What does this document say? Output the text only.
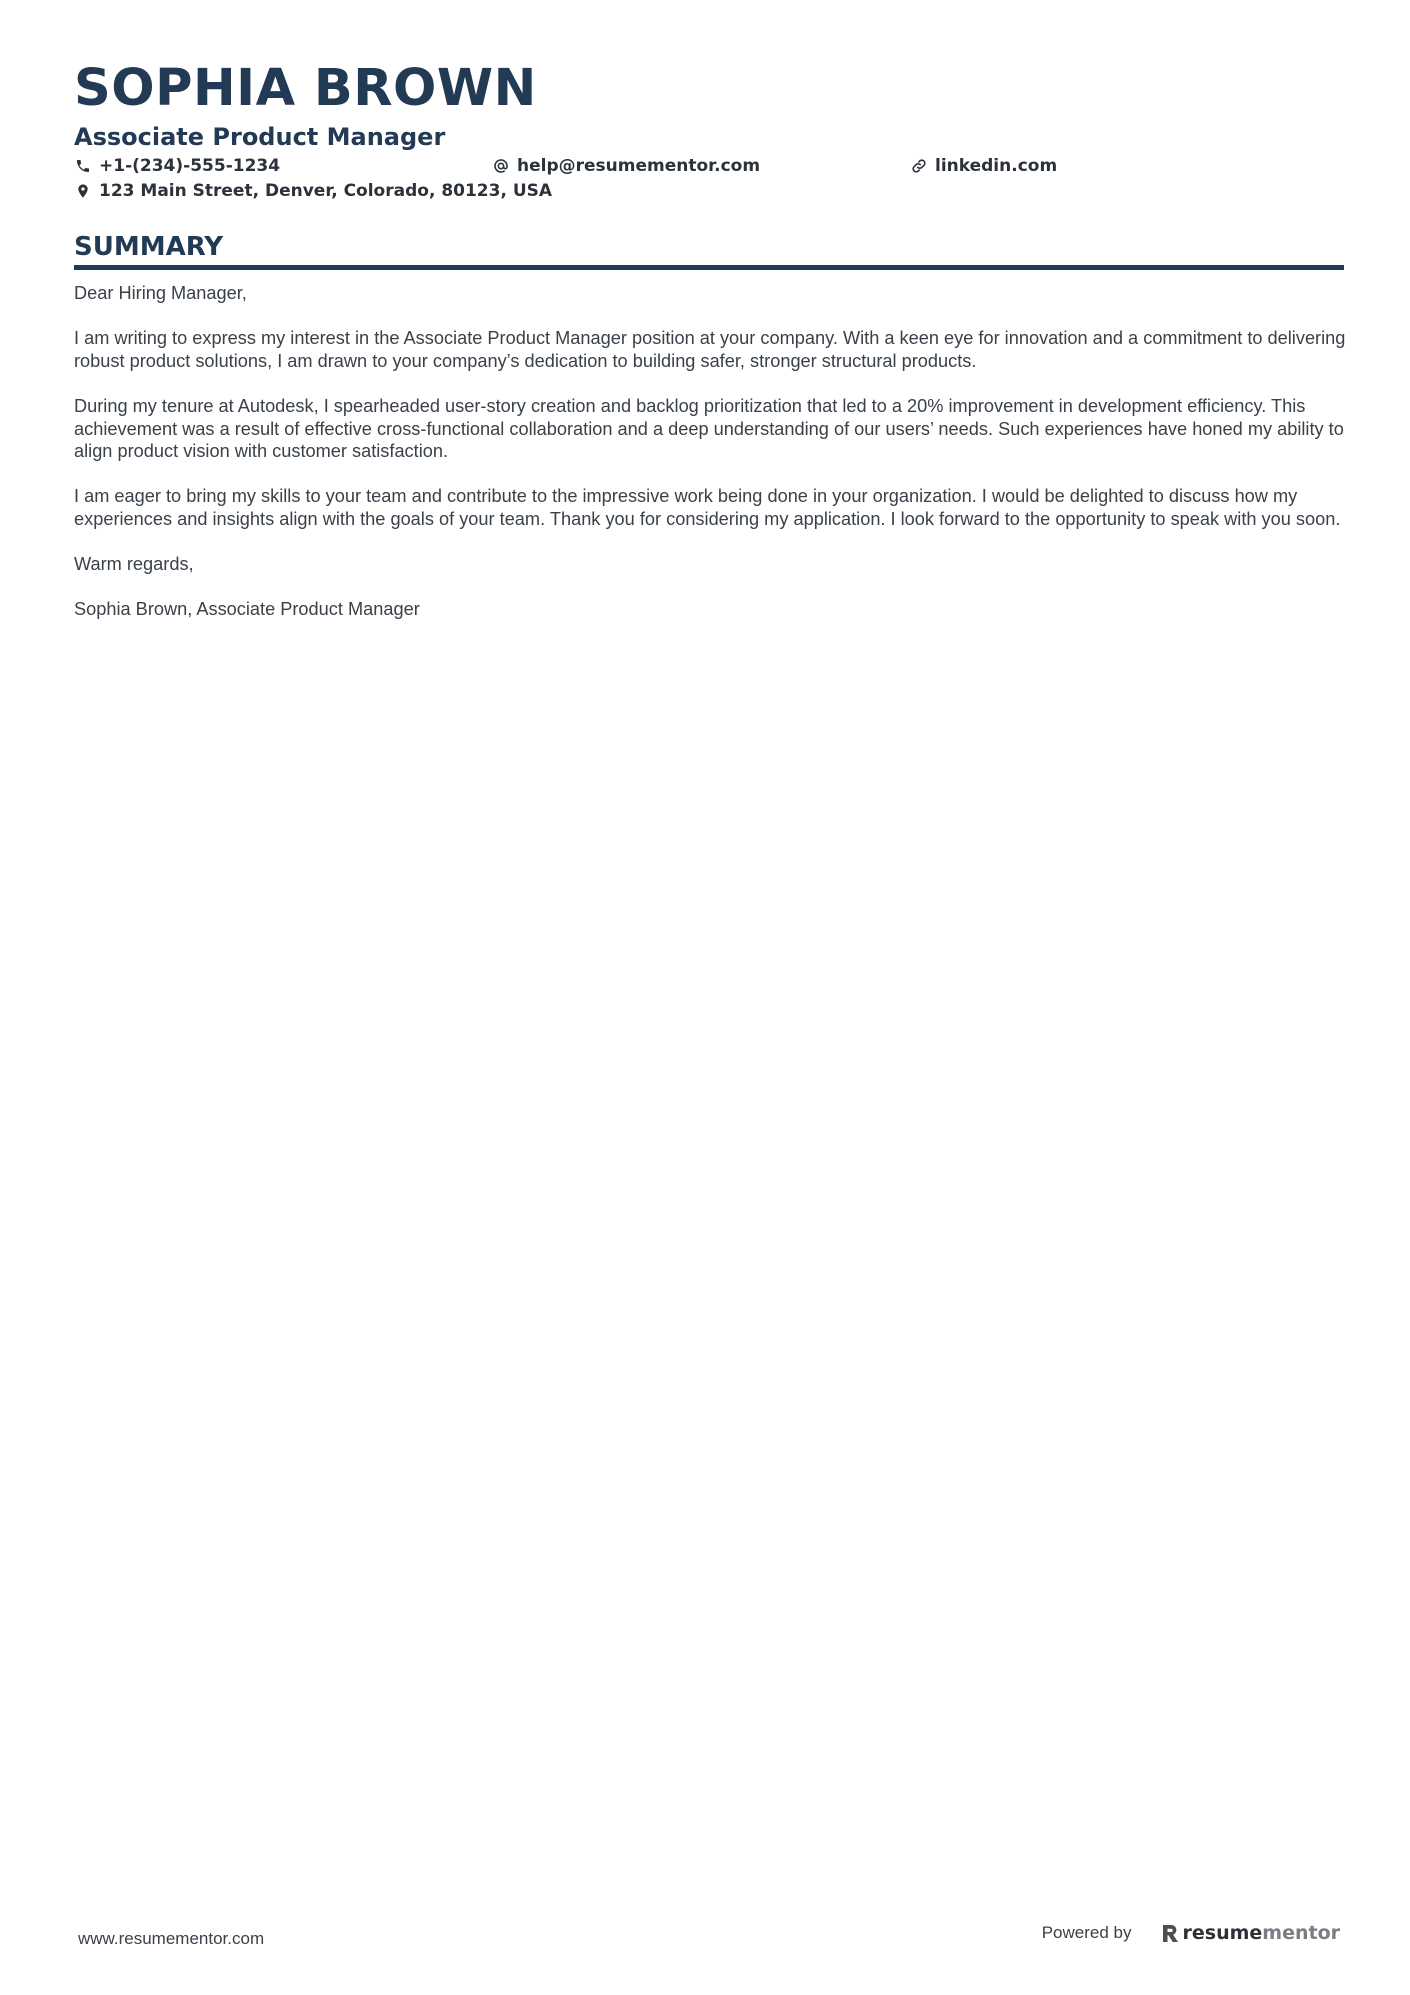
SOPHIA BROWN
Associate Product Manager
+1-(234)-555-1234	help@resumementor.com	linkedin.com
123 Main Street, Denver, Colorado, 80123, USA
SUMMARY

Dear Hiring Manager,

I am writing to express my interest in the Associate Product Manager position at your company. With a keen eye for innovation and a commitment to delivering robust product solutions, I am drawn to your company’s dedication to building safer, stronger structural products.

During my tenure at Autodesk, I spearheaded user-story creation and backlog prioritization that led to a 20% improvement in development efficiency. This achievement was a result of effective cross-functional collaboration and a deep understanding of our users’ needs. Such experiences have honed my ability to align product vision with customer satisfaction.

I am eager to bring my skills to your team and contribute to the impressive work being done in your organization. I would be delighted to discuss how my experiences and insights align with the goals of your team. Thank you for considering my application. I look forward to the opportunity to speak with you soon.

Warm regards,

Sophia Brown, Associate Product Manager

www.resumementor.com	Powered by	resume mentor
